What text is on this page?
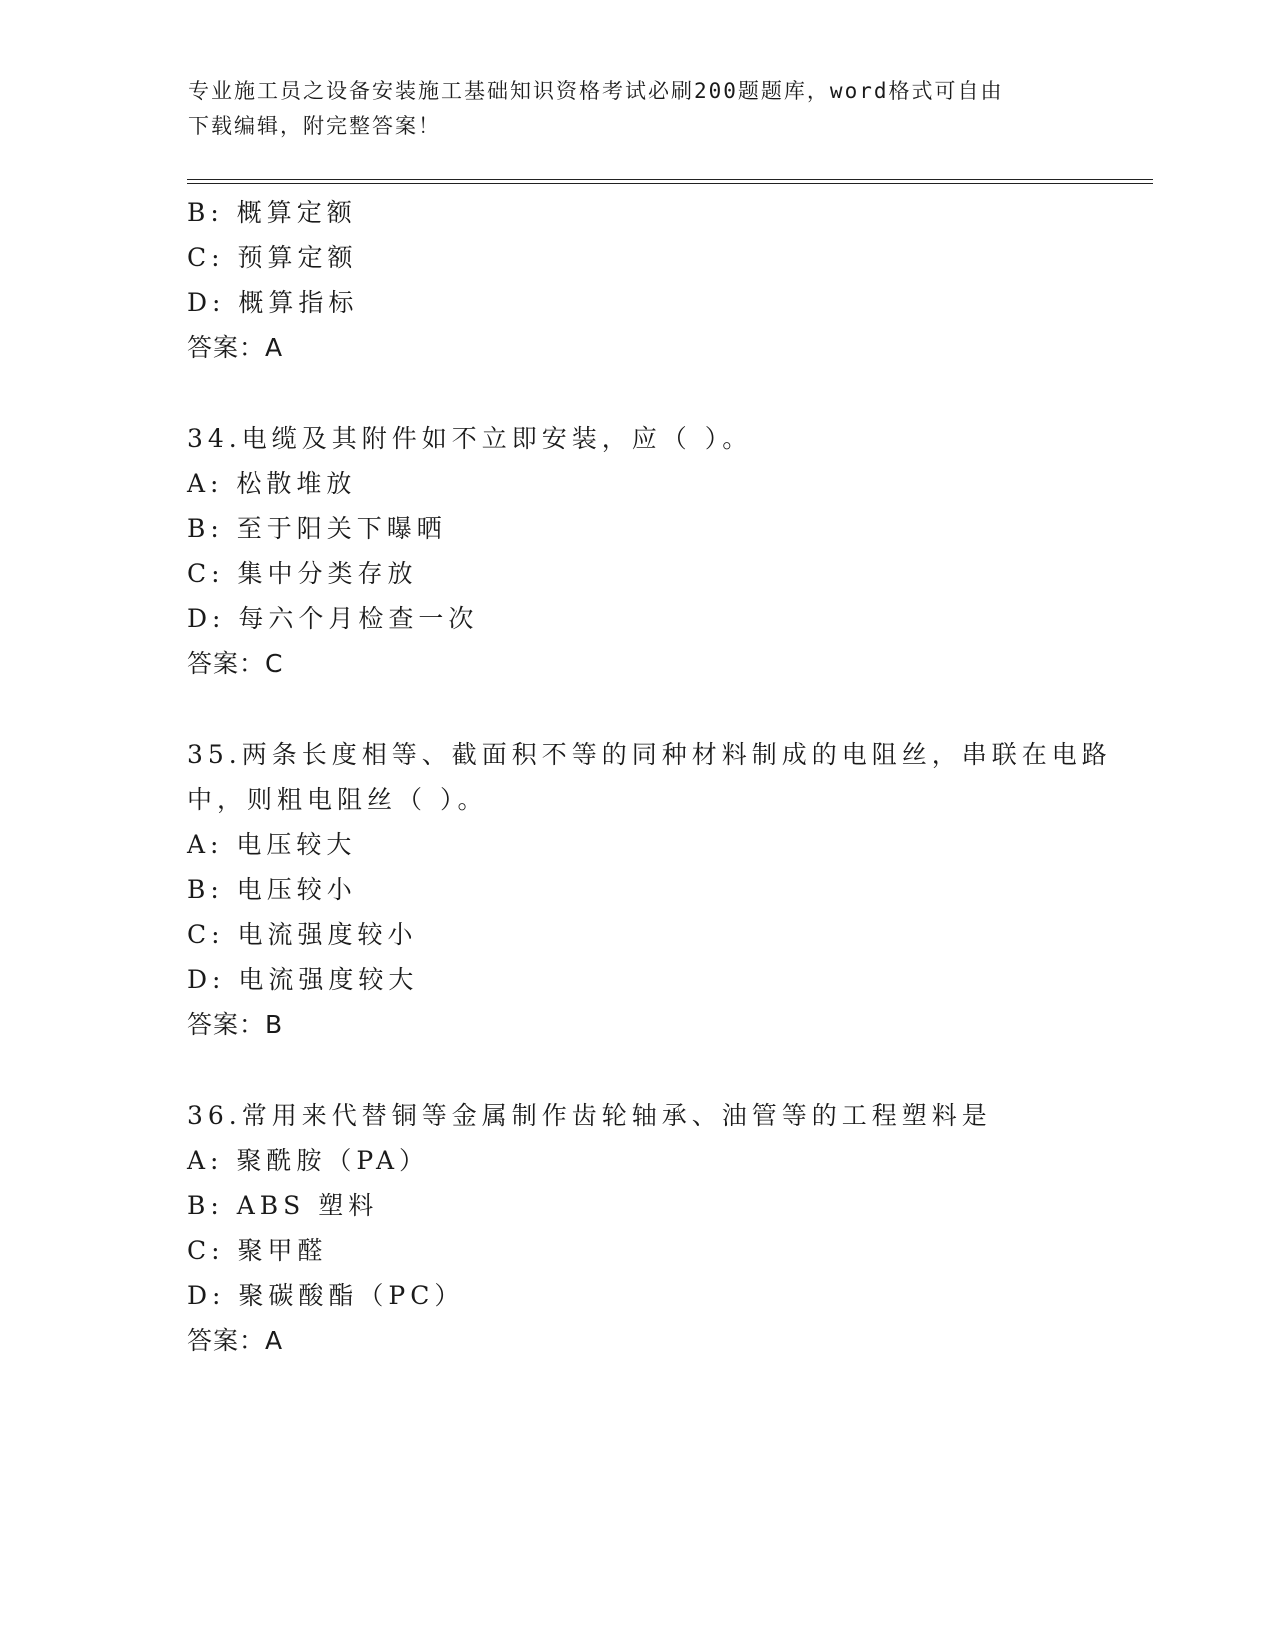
专业施工员之设备安装施工基础知识资格考试必刷200题题库，word格式可自由
下载编辑，附完整答案！
B: 概算定额
C: 预算定额
D: 概算指标
答案：A
34.电缆及其附件如不立即安装，应（ ）。
A: 松散堆放
B: 至于阳关下曝晒
C: 集中分类存放
D: 每六个月检查一次
答案：C
35.两条长度相等、截面积不等的同种材料制成的电阻丝，串联在电路
中，则粗电阻丝（ ）。
A: 电压较大
B: 电压较小
C: 电流强度较小
D: 电流强度较大
答案：B
36.常用来代替铜等金属制作齿轮轴承、油管等的工程塑料是
A: 聚酰胺（PA）
B: ABS 塑料
C: 聚甲醛
D: 聚碳酸酯（PC）
答案：A
